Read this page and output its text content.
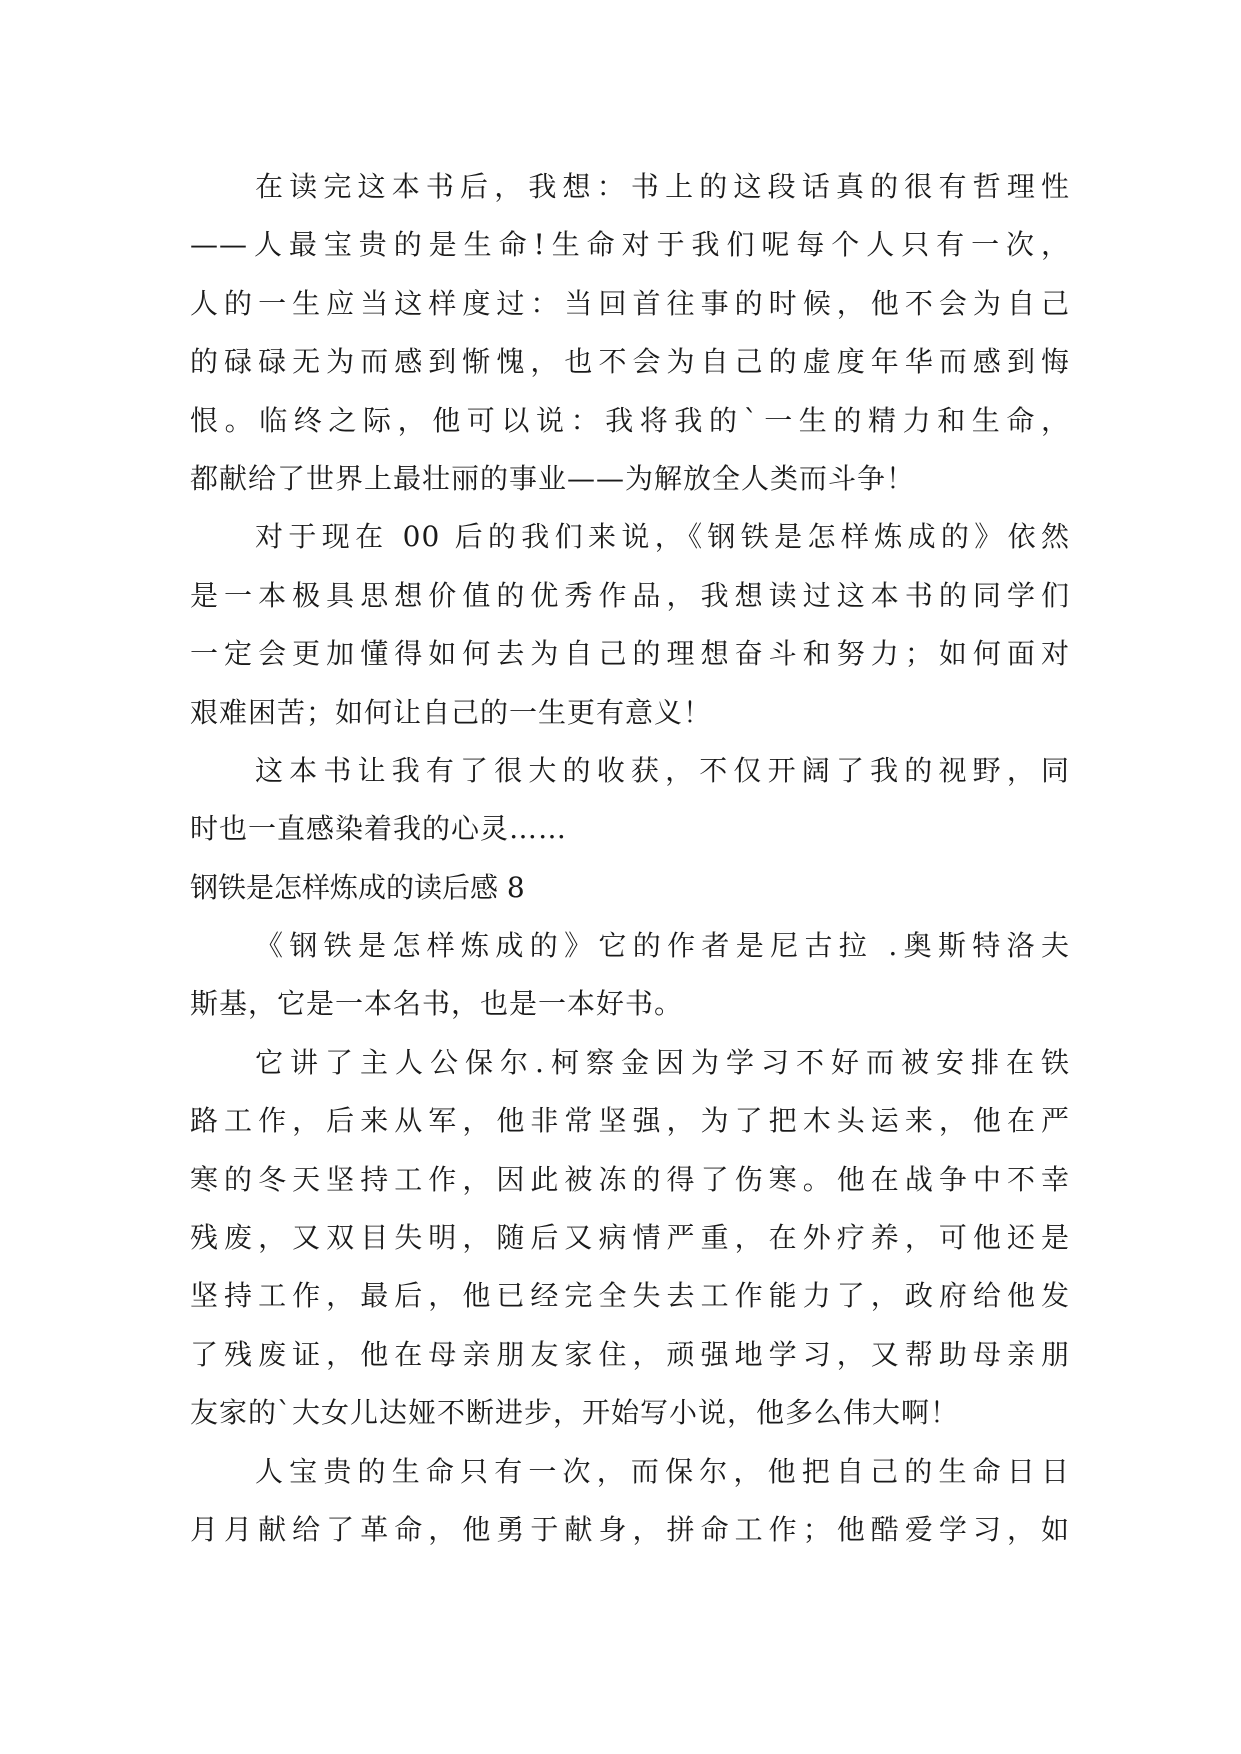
在读完这本书后，我想：书上的这段话真的很有哲理性
——人最宝贵的是生命!生命对于我们呢每个人只有一次，
人的一生应当这样度过：当回首往事的时候，他不会为自己
的碌碌无为而感到惭愧，也不会为自己的虚度年华而感到悔
恨。临终之际，他可以说：我将我的`一生的精力和生命，
都献给了世界上最壮丽的事业——为解放全人类而斗争！
对于现在 00 后的我们来说，《钢铁是怎样炼成的》依然
是一本极具思想价值的优秀作品，我想读过这本书的同学们
一定会更加懂得如何去为自己的理想奋斗和努力；如何面对
艰难困苦；如何让自己的一生更有意义！
这本书让我有了很大的收获，不仅开阔了我的视野，同
时也一直感染着我的心灵……
钢铁是怎样炼成的读后感 8
《钢铁是怎样炼成的》它的作者是尼古拉 .奥斯特洛夫
斯基，它是一本名书，也是一本好书。
它讲了主人公保尔.柯察金因为学习不好而被安排在铁
路工作，后来从军，他非常坚强，为了把木头运来，他在严
寒的冬天坚持工作，因此被冻的得了伤寒。他在战争中不幸
残废，又双目失明，随后又病情严重，在外疗养，可他还是
坚持工作，最后，他已经完全失去工作能力了，政府给他发
了残废证，他在母亲朋友家住，顽强地学习，又帮助母亲朋
友家的`大女儿达娅不断进步，开始写小说，他多么伟大啊！
人宝贵的生命只有一次，而保尔，他把自己的生命日日
月月献给了革命，他勇于献身，拼命工作；他酷爱学习，如
